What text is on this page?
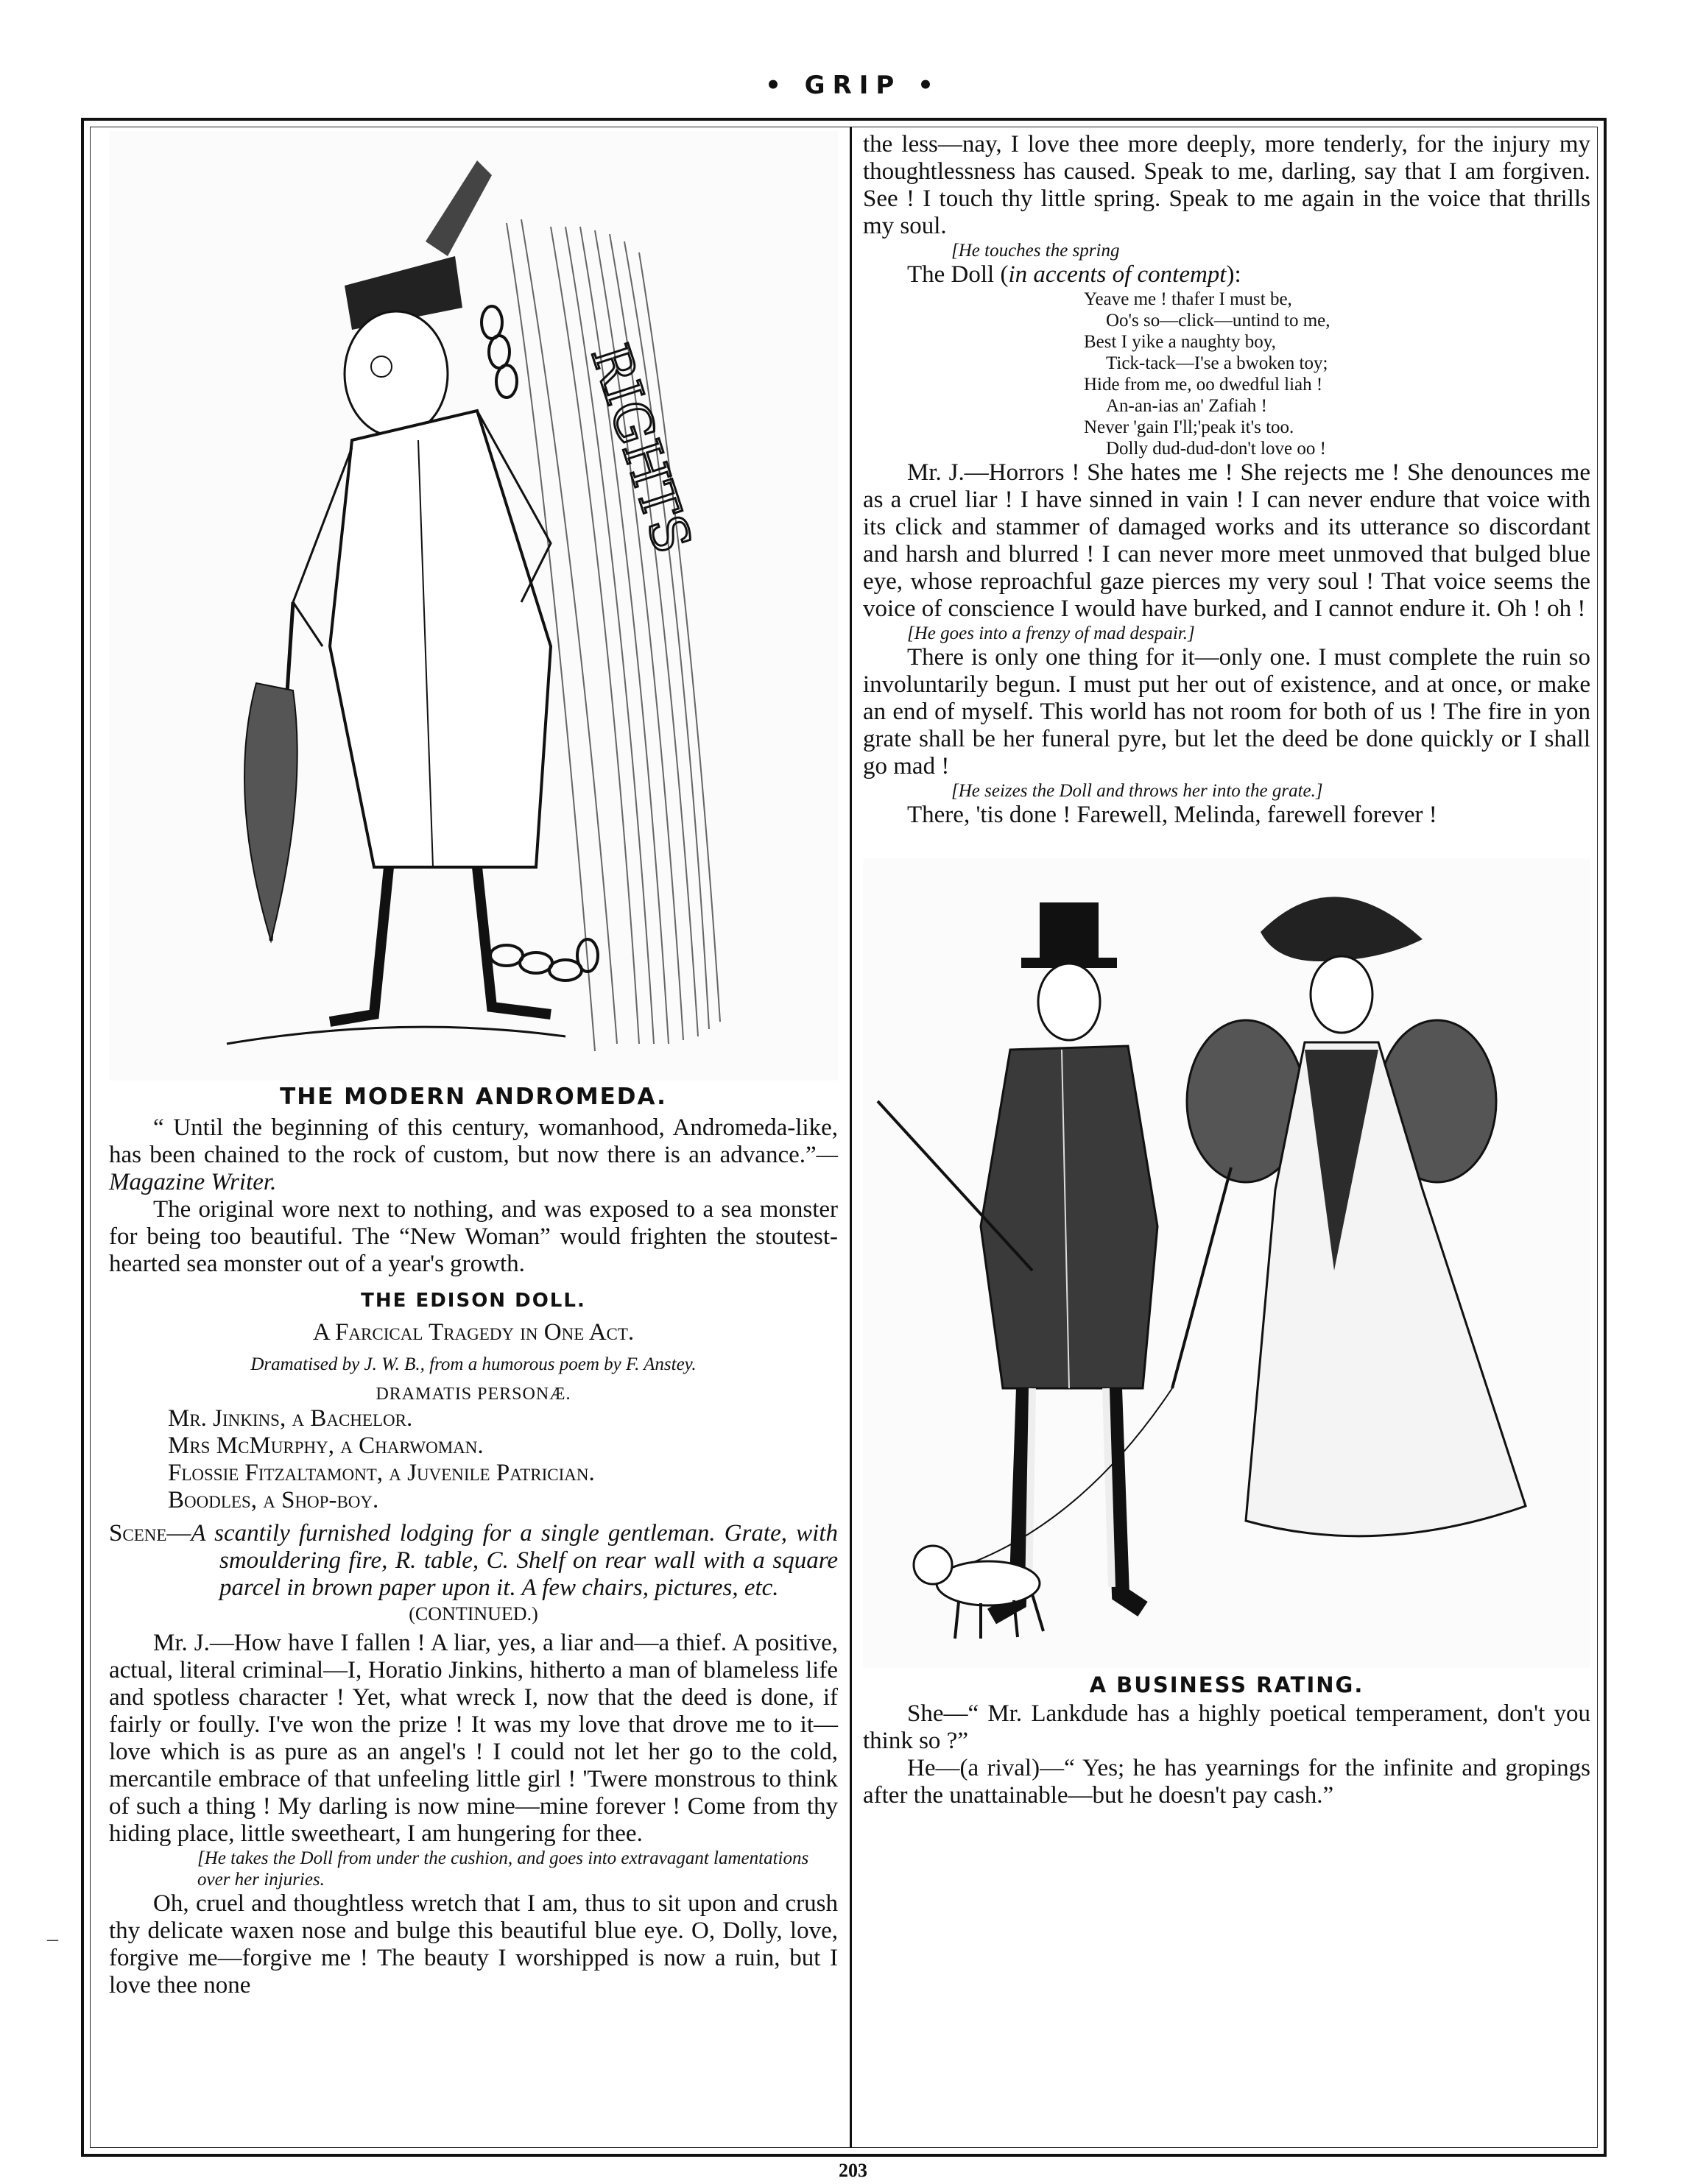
• GRIP •
RIGHTS
THE MODERN ANDROMEDA.

“ Until the beginning of this century, womanhood, Andromeda-like, has been chained to the rock of custom, but now there is an advance.”—Magazine Writer.

The original wore next to nothing, and was exposed to a sea monster for being too beautiful. The “New Woman” would frighten the stoutest-hearted sea monster out of a year's growth.

THE EDISON DOLL.

A Farcical Tragedy in One Act.

Dramatised by J. W. B., from a humorous poem by F. Anstey.

DRAMATIS PERSONÆ.

Mr. Jinkins, a Bachelor.
Mrs McMurphy, a Charwoman.
Flossie Fitzaltamont, a Juvenile Patrician.
Boodles, a Shop-boy.

Scene—A scantily furnished lodging for a single gentleman. Grate, with smouldering fire, R. table, C. Shelf on rear wall with a square parcel in brown paper upon it. A few chairs, pictures, etc.

(CONTINUED.)

Mr. J.—How have I fallen ! A liar, yes, a liar and—a thief. A positive, actual, literal criminal—I, Horatio Jinkins, hitherto a man of blameless life and spotless character ! Yet, what wreck I, now that the deed is done, if fairly or foully. I've won the prize ! It was my love that drove me to it—love which is as pure as an angel's ! I could not let her go to the cold, mercantile embrace of that unfeeling little girl ! 'Twere monstrous to think of such a thing ! My darling is now mine—mine forever ! Come from thy hiding place, little sweetheart, I am hungering for thee.

[He takes the Doll from under the cushion, and goes into extravagant lamentations over her injuries.

Oh, cruel and thoughtless wretch that I am, thus to sit upon and crush thy delicate waxen nose and bulge this beautiful blue eye. O, Dolly, love, forgive me—forgive me ! The beauty I worshipped is now a ruin, but I love thee none

the less—nay, I love thee more deeply, more tenderly, for the injury my thoughtlessness has caused. Speak to me, darling, say that I am forgiven. See ! I touch thy little spring. Speak to me again in the voice that thrills my soul.

[He touches the spring

The Doll (in accents of contempt):

Yeave me ! thafer I must be,
Oo's so—click—untind to me,
Best I yike a naughty boy,
Tick-tack—I'se a bwoken toy;
Hide from me, oo dwedful liah !
An-an-ias an' Zafiah !
Never 'gain I'll;'peak it's too.
Dolly dud-dud-don't love oo !

Mr. J.—Horrors ! She hates me ! She rejects me ! She denounces me as a cruel liar ! I have sinned in vain ! I can never endure that voice with its click and stammer of damaged works and its utterance so discordant and harsh and blurred ! I can never more meet unmoved that bulged blue eye, whose reproachful gaze pierces my very soul ! That voice seems the voice of conscience I would have burked, and I cannot endure it. Oh ! oh !

[He goes into a frenzy of mad despair.]

There is only one thing for it—only one. I must complete the ruin so involuntarily begun. I must put her out of existence, and at once, or make an end of myself. This world has not room for both of us ! The fire in yon grate shall be her funeral pyre, but let the deed be done quickly or I shall go mad !

[He seizes the Doll and throws her into the grate.]

There, 'tis done ! Farewell, Melinda, farewell forever !

A BUSINESS RATING.

She—“ Mr. Lankdude has a highly poetical temperament, don't you think so ?”

He—(a rival)—“ Yes; he has yearnings for the infinite and gropings after the unattainable—but he doesn't pay cash.”

–
203
